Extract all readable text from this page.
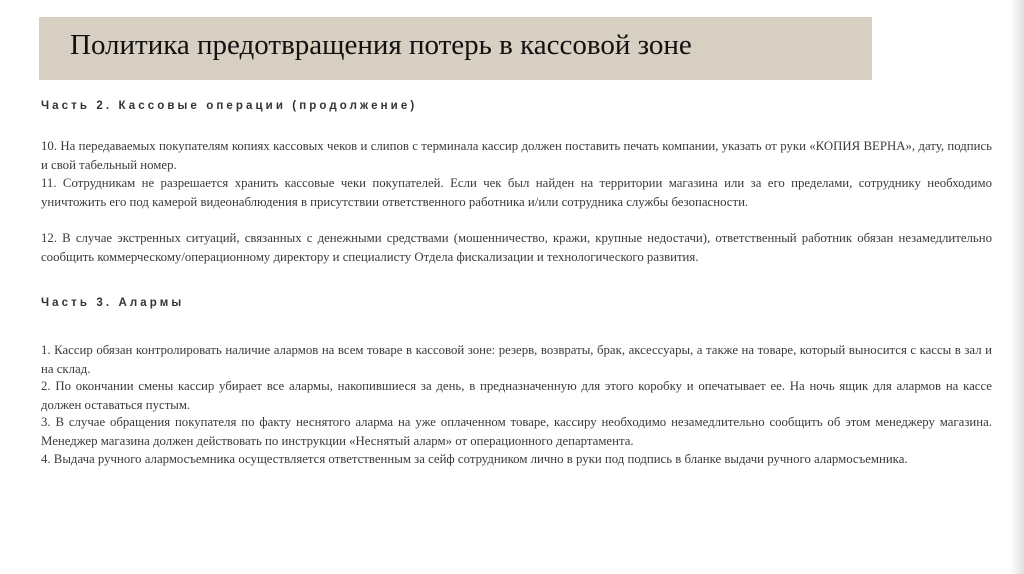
Политика предотвращения потерь в кассовой зоне
Часть 2. Кассовые операции (продолжение)
10. На передаваемых покупателям копиях кассовых чеков и слипов с терминала кассир должен поставить печать компании, указать от руки «КОПИЯ ВЕРНА», дату, подпись и свой табельный номер.
11. Сотрудникам не разрешается хранить кассовые чеки покупателей. Если чек был найден на территории магазина или за его пределами, сотруднику необходимо уничтожить его под камерой видеонаблюдения в присутствии ответственного работника и/или сотрудника службы безопасности.
12. В случае экстренных ситуаций, связанных с денежными средствами (мошенничество, кражи, крупные недостачи), ответственный работник обязан незамедлительно сообщить коммерческому/операционному директору и специалисту Отдела фискализации и технологического развития.
Часть 3. Алармы
1. Кассир обязан контролировать наличие алармов на всем товаре в кассовой зоне: резерв, возвраты, брак, аксессуары, а также на товаре, который выносится с кассы в зал и на склад.
2. По окончании смены кассир убирает все алармы, накопившиеся за день, в предназначенную для этого коробку и опечатывает ее. На ночь ящик для алармов на кассе должен оставаться пустым.
3. В случае обращения покупателя по факту неснятого аларма на уже оплаченном товаре, кассиру необходимо незамедлительно сообщить об этом менеджеру магазина. Менеджер магазина должен действовать по инструкции «Неснятый аларм» от операционного департамента.
4. Выдача ручного алармосъемника осуществляется ответственным за сейф сотрудником лично в руки под подпись в бланке выдачи ручного алармосъемника.
